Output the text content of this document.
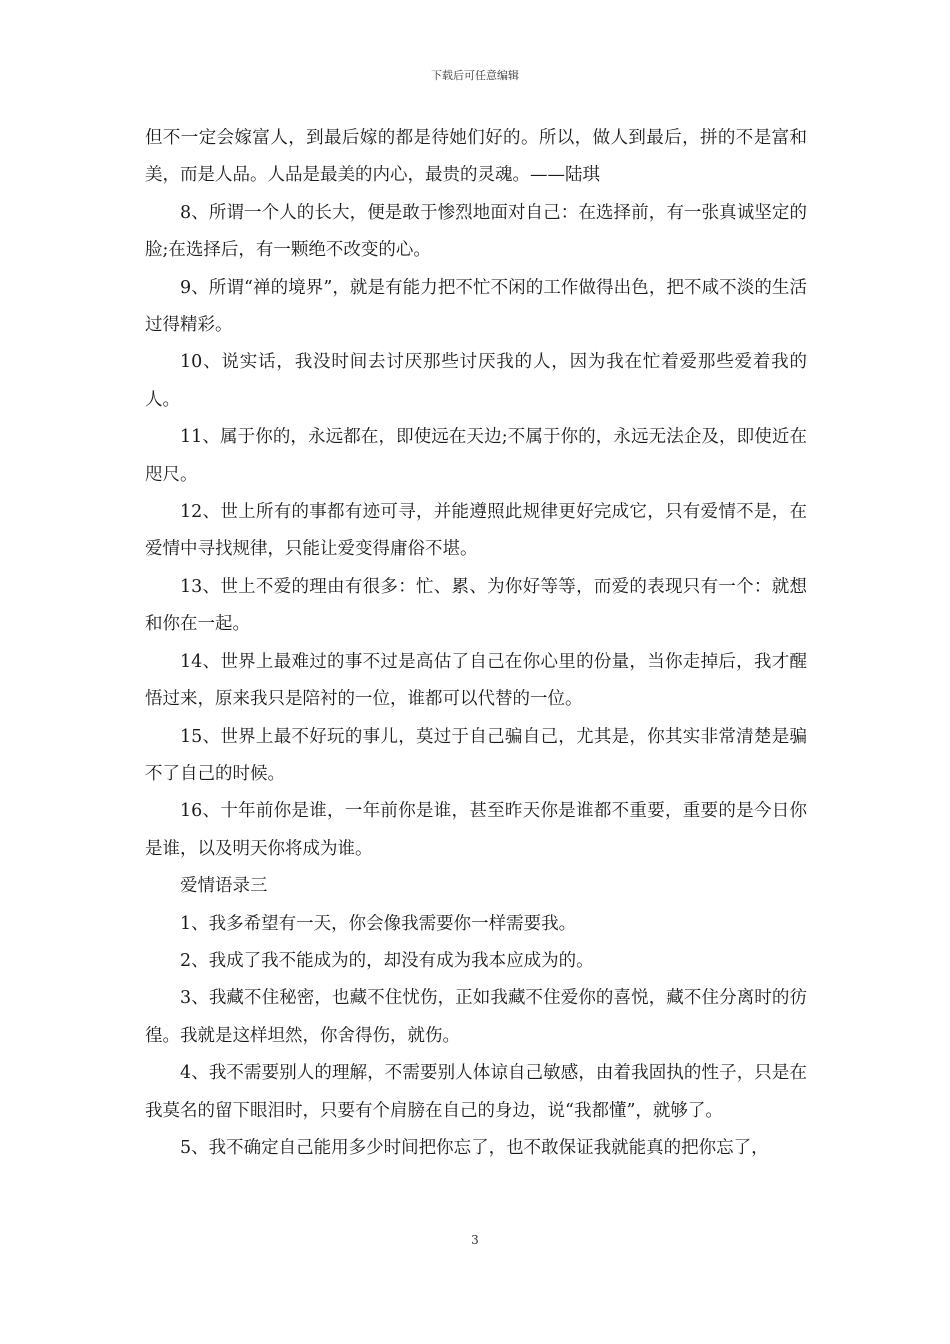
下载后可任意编辑

但不一定会嫁富人，到最后嫁的都是待她们好的。所以，做人到最后，拼的不是富和美，而是人品。人品是最美的内心，最贵的灵魂。——陆琪

8、所谓一个人的长大，便是敢于惨烈地面对自己：在选择前，有一张真诚坚定的脸;在选择后，有一颗绝不改变的心。

9、所谓“禅的境界”，就是有能力把不忙不闲的工作做得出色，把不咸不淡的生活过得精彩。

10、说实话，我没时间去讨厌那些讨厌我的人，因为我在忙着爱那些爱着我的人。

11、属于你的，永远都在，即使远在天边;不属于你的，永远无法企及，即使近在咫尺。

12、世上所有的事都有迹可寻，并能遵照此规律更好完成它，只有爱情不是，在爱情中寻找规律，只能让爱变得庸俗不堪。

13、世上不爱的理由有很多：忙、累、为你好等等，而爱的表现只有一个：就想和你在一起。

14、世界上最难过的事不过是高估了自己在你心里的份量，当你走掉后，我才醒悟过来，原来我只是陪衬的一位，谁都可以代替的一位。

15、世界上最不好玩的事儿，莫过于自己骗自己，尤其是，你其实非常清楚是骗不了自己的时候。

16、十年前你是谁，一年前你是谁，甚至昨天你是谁都不重要，重要的是今日你是谁，以及明天你将成为谁。

爱情语录三

1、我多希望有一天，你会像我需要你一样需要我。

2、我成了我不能成为的，却没有成为我本应成为的。

3、我藏不住秘密，也藏不住忧伤，正如我藏不住爱你的喜悦，藏不住分离时的彷徨。我就是这样坦然，你舍得伤，就伤。

4、我不需要别人的理解，不需要别人体谅自己敏感，由着我固执的性子，只是在我莫名的留下眼泪时，只要有个肩膀在自己的身边，说“我都懂”，就够了。

5、我不确定自己能用多少时间把你忘了，也不敢保证我就能真的把你忘了，

3
